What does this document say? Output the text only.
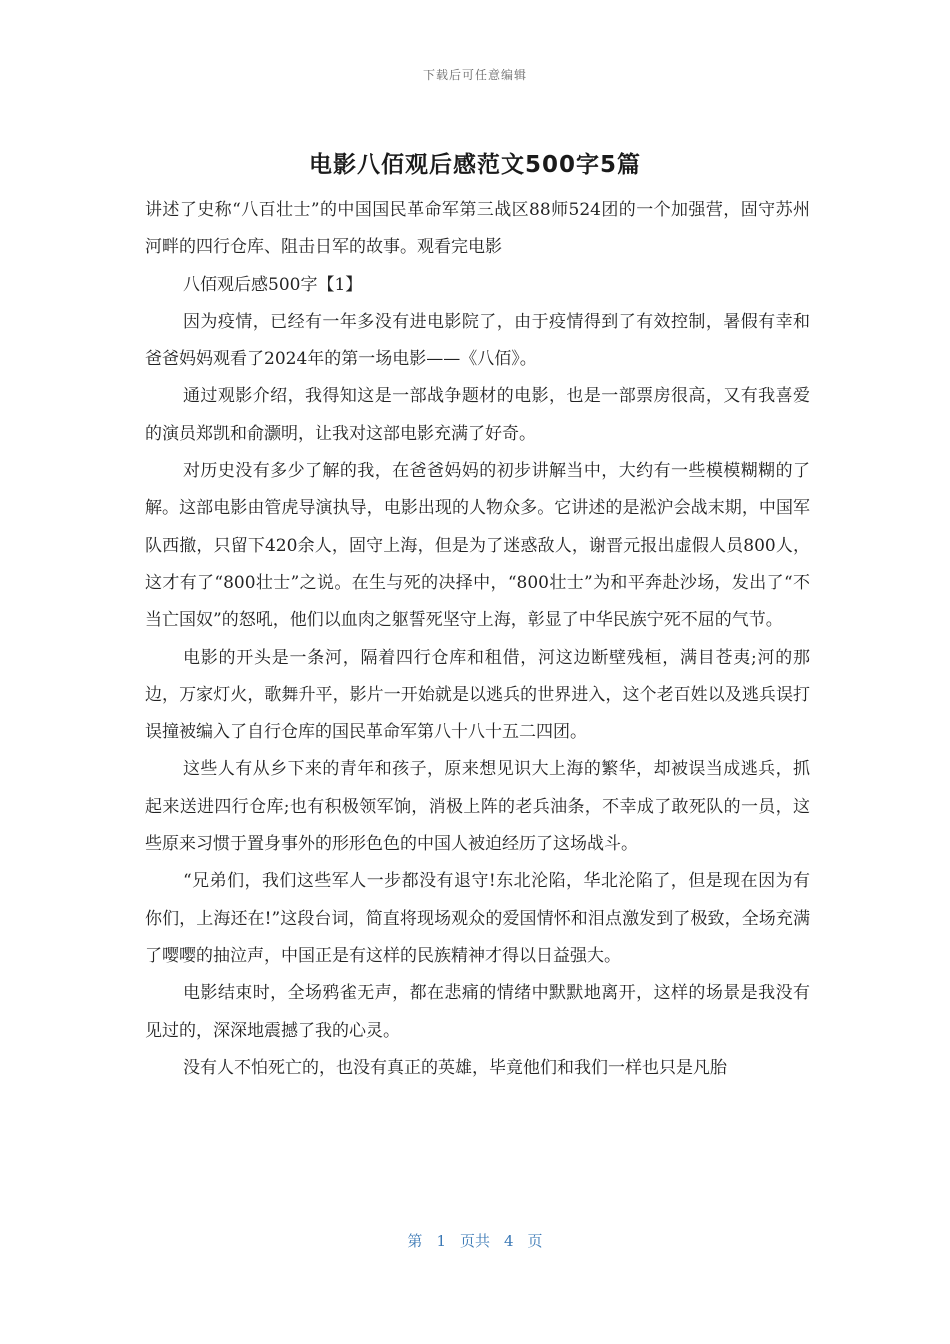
下载后可任意编辑
电影八佰观后感范文500字5篇

讲述了史称“八百壮士”的中国国民革命军第三战区88师524团的一个加强营，固守苏州河畔的四行仓库、阻击日军的故事。观看完电影

八佰观后感500字【1】

因为疫情，已经有一年多没有进电影院了，由于疫情得到了有效控制，暑假有幸和爸爸妈妈观看了2024年的第一场电影——《八佰》。

通过观影介绍，我得知这是一部战争题材的电影，也是一部票房很高，又有我喜爱的演员郑凯和俞灏明，让我对这部电影充满了好奇。

对历史没有多少了解的我，在爸爸妈妈的初步讲解当中，大约有一些模模糊糊的了解。这部电影由管虎导演执导，电影出现的人物众多。它讲述的是淞沪会战末期，中国军队西撤，只留下420余人，固守上海，但是为了迷惑敌人，谢晋元报出虚假人员800人，这才有了“800壮士”之说。在生与死的决择中，“800壮士”为和平奔赴沙场，发出了“不当亡国奴”的怒吼，他们以血肉之躯誓死坚守上海，彰显了中华民族宁死不屈的气节。

电影的开头是一条河，隔着四行仓库和租借，河这边断壁残桓，满目苍夷;河的那边，万家灯火，歌舞升平，影片一开始就是以逃兵的世界进入，这个老百姓以及逃兵误打误撞被编入了自行仓库的国民革命军第八十八十五二四团。

这些人有从乡下来的青年和孩子，原来想见识大上海的繁华，却被误当成逃兵，抓起来送进四行仓库;也有积极领军饷，消极上阵的老兵油条，不幸成了敢死队的一员，这些原来习惯于置身事外的形形色色的中国人被迫经历了这场战斗。

“兄弟们，我们这些军人一步都没有退守!东北沦陷，华北沦陷了，但是现在因为有你们，上海还在!”这段台词，简直将现场观众的爱国情怀和泪点激发到了极致，全场充满了嘤嘤的抽泣声，中国正是有这样的民族精神才得以日益强大。

电影结束时，全场鸦雀无声，都在悲痛的情绪中默默地离开，这样的场景是我没有见过的，深深地震撼了我的心灵。

没有人不怕死亡的，也没有真正的英雄，毕竟他们和我们一样也只是凡胎

第 1 页共 4 页
